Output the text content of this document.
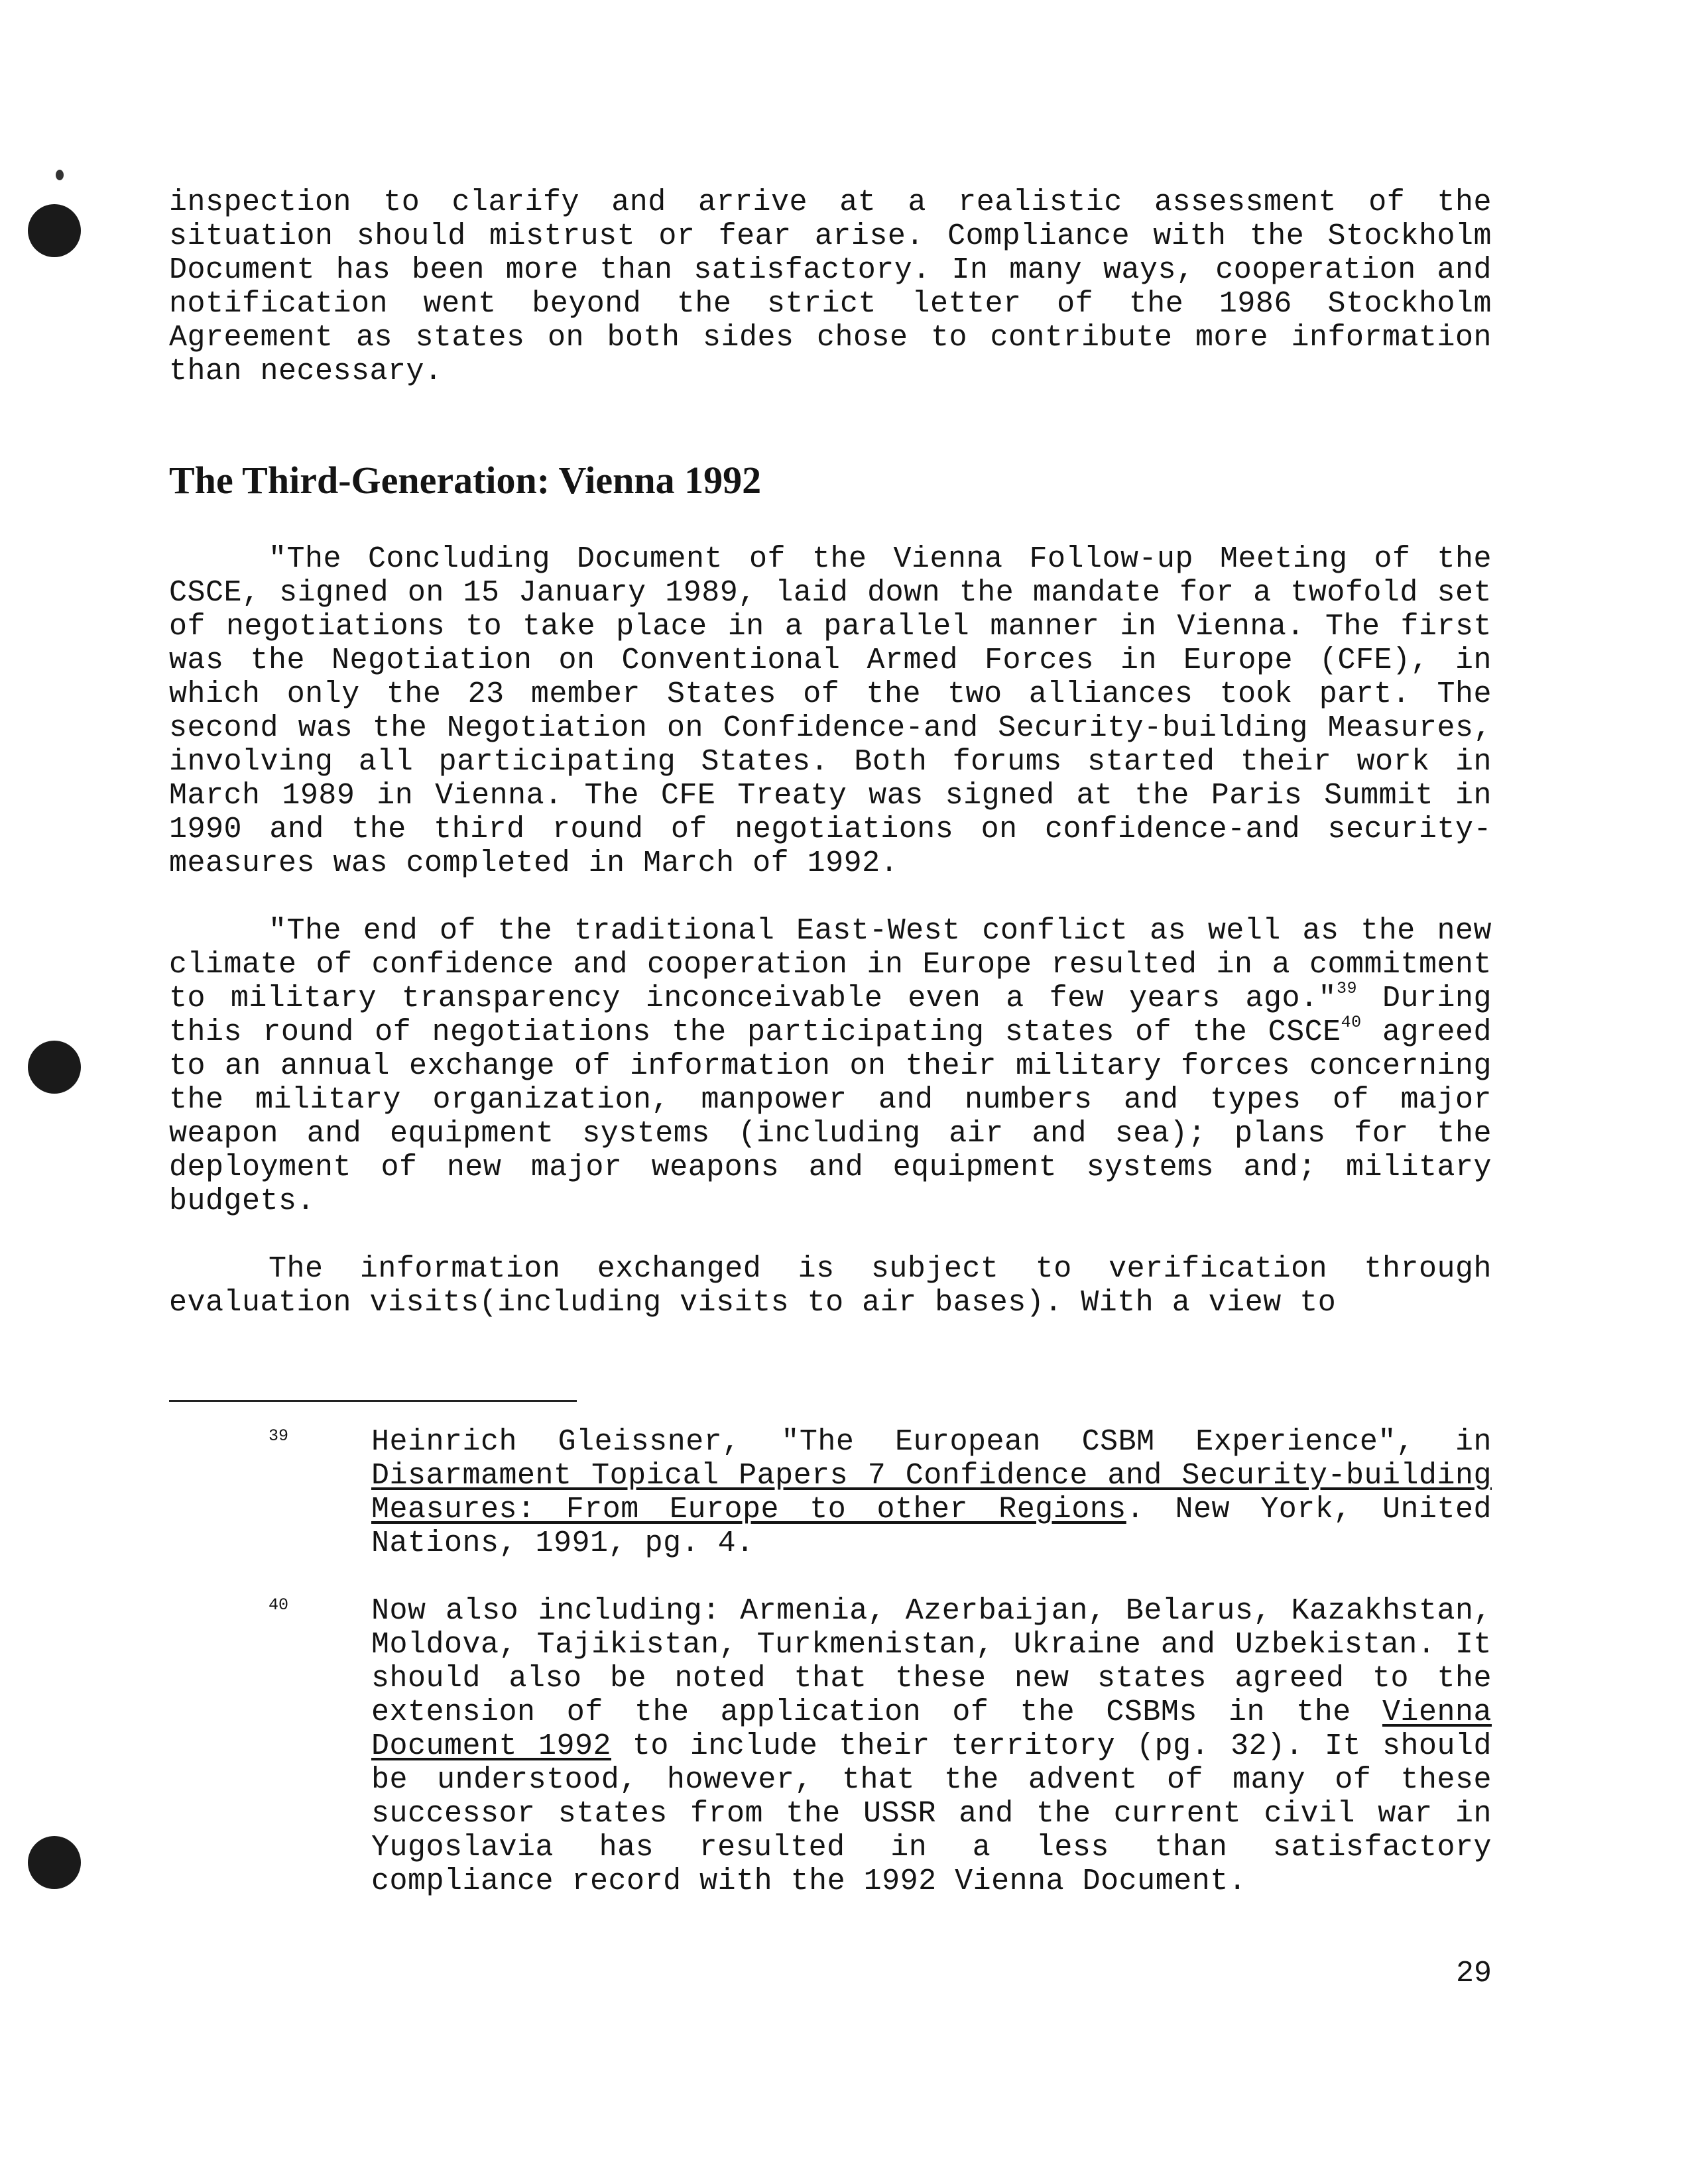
inspection to clarify and arrive at a realistic assessment of the situation should mistrust or fear arise. Compliance with the Stockholm Document has been more than satisfactory. In many ways, cooperation and notification went beyond the strict letter of the 1986 Stockholm Agreement as states on both sides chose to contribute more information than necessary.

The Third-Generation: Vienna 1992

"The Concluding Document of the Vienna Follow-up Meeting of the CSCE, signed on 15 January 1989, laid down the mandate for a twofold set of negotiations to take place in a parallel manner in Vienna. The first was the Negotiation on Conventional Armed Forces in Europe (CFE), in which only the 23 member States of the two alliances took part. The second was the Negotiation on Confidence-and Security-building Measures, involving all participating States. Both forums started their work in March 1989 in Vienna. The CFE Treaty was signed at the Paris Summit in 1990 and the third round of negotiations on confidence-and security-measures was completed in March of 1992.

"The end of the traditional East-West conflict as well as the new climate of confidence and cooperation in Europe resulted in a commitment to military transparency inconceivable even a few years ago."$^{39}$ During this round of negotiations the participating states of the CSCE$^{40}$ agreed to an annual exchange of information on their military forces concerning the military organization, manpower and numbers and types of major weapon and equipment systems (including air and sea); plans for the deployment of new major weapons and equipment systems and; military budgets.

The information exchanged is subject to verification through evaluation visits(including visits to air bases). With a view to

39	Heinrich Gleissner, "The European CSBM Experience", in Disarmament Topical Papers 7 Confidence and Security-building Measures: From Europe to other Regions. New York, United Nations, 1991, pg. 4.
40	Now also including: Armenia, Azerbaijan, Belarus, Kazakhstan, Moldova, Tajikistan, Turkmenistan, Ukraine and Uzbekistan. It should also be noted that these new states agreed to the extension of the application of the CSBMs in the Vienna Document 1992 to include their territory (pg. 32). It should be understood, however, that the advent of many of these successor states from the USSR and the current civil war in Yugoslavia has resulted in a less than satisfactory compliance record with the 1992 Vienna Document.
29
